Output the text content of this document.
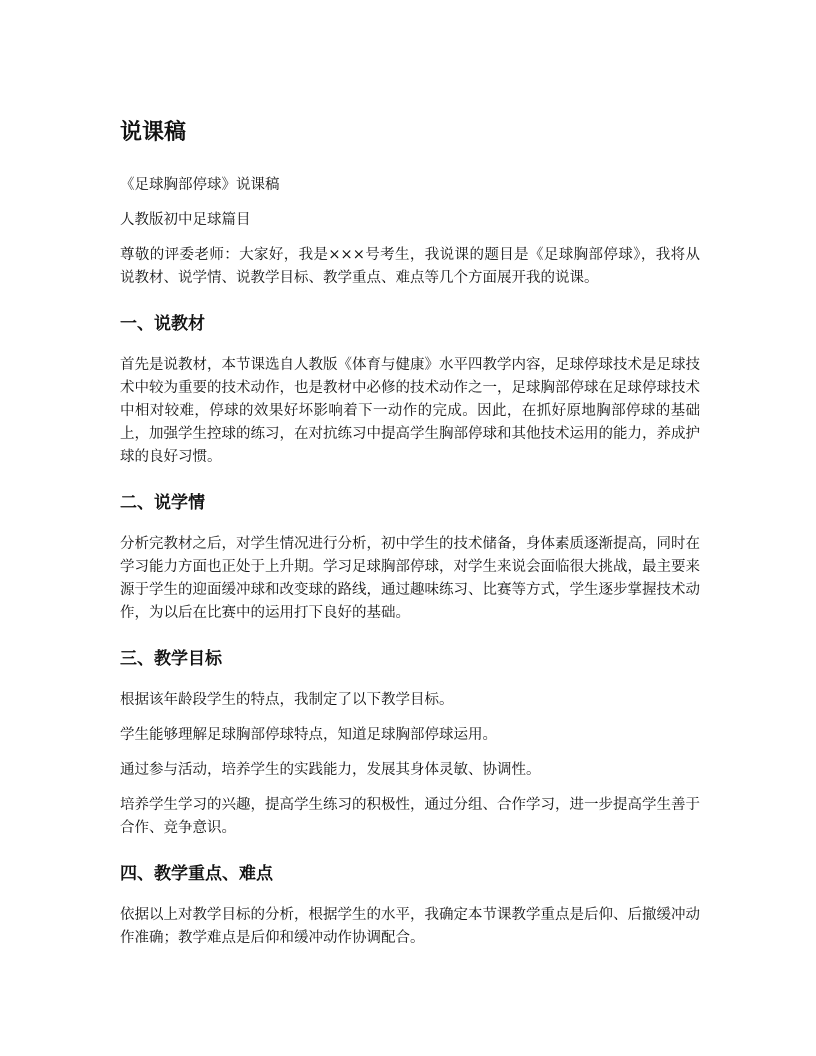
说课稿

《足球胸部停球》说课稿

人教版初中足球篇目

尊敬的评委老师：大家好，我是×××号考生，我说课的题目是《足球胸部停球》，我将从说教材、说学情、说教学目标、教学重点、难点等几个方面展开我的说课。

一、说教材

首先是说教材，本节课选自人教版《体育与健康》水平四教学内容，足球停球技术是足球技术中较为重要的技术动作，也是教材中必修的技术动作之一，足球胸部停球在足球停球技术中相对较难，停球的效果好坏影响着下一动作的完成。因此，在抓好原地胸部停球的基础上，加强学生控球的练习，在对抗练习中提高学生胸部停球和其他技术运用的能力，养成护球的良好习惯。

二、说学情

分析完教材之后，对学生情况进行分析，初中学生的技术储备，身体素质逐渐提高，同时在学习能力方面也正处于上升期。学习足球胸部停球，对学生来说会面临很大挑战，最主要来源于学生的迎面缓冲球和改变球的路线，通过趣味练习、比赛等方式，学生逐步掌握技术动作，为以后在比赛中的运用打下良好的基础。

三、教学目标

根据该年龄段学生的特点，我制定了以下教学目标。

学生能够理解足球胸部停球特点，知道足球胸部停球运用。

通过参与活动，培养学生的实践能力，发展其身体灵敏、协调性。

培养学生学习的兴趣，提高学生练习的积极性，通过分组、合作学习，进一步提高学生善于合作、竞争意识。

四、教学重点、难点

依据以上对教学目标的分析，根据学生的水平，我确定本节课教学重点是后仰、后撤缓冲动作准确；教学难点是后仰和缓冲动作协调配合。
